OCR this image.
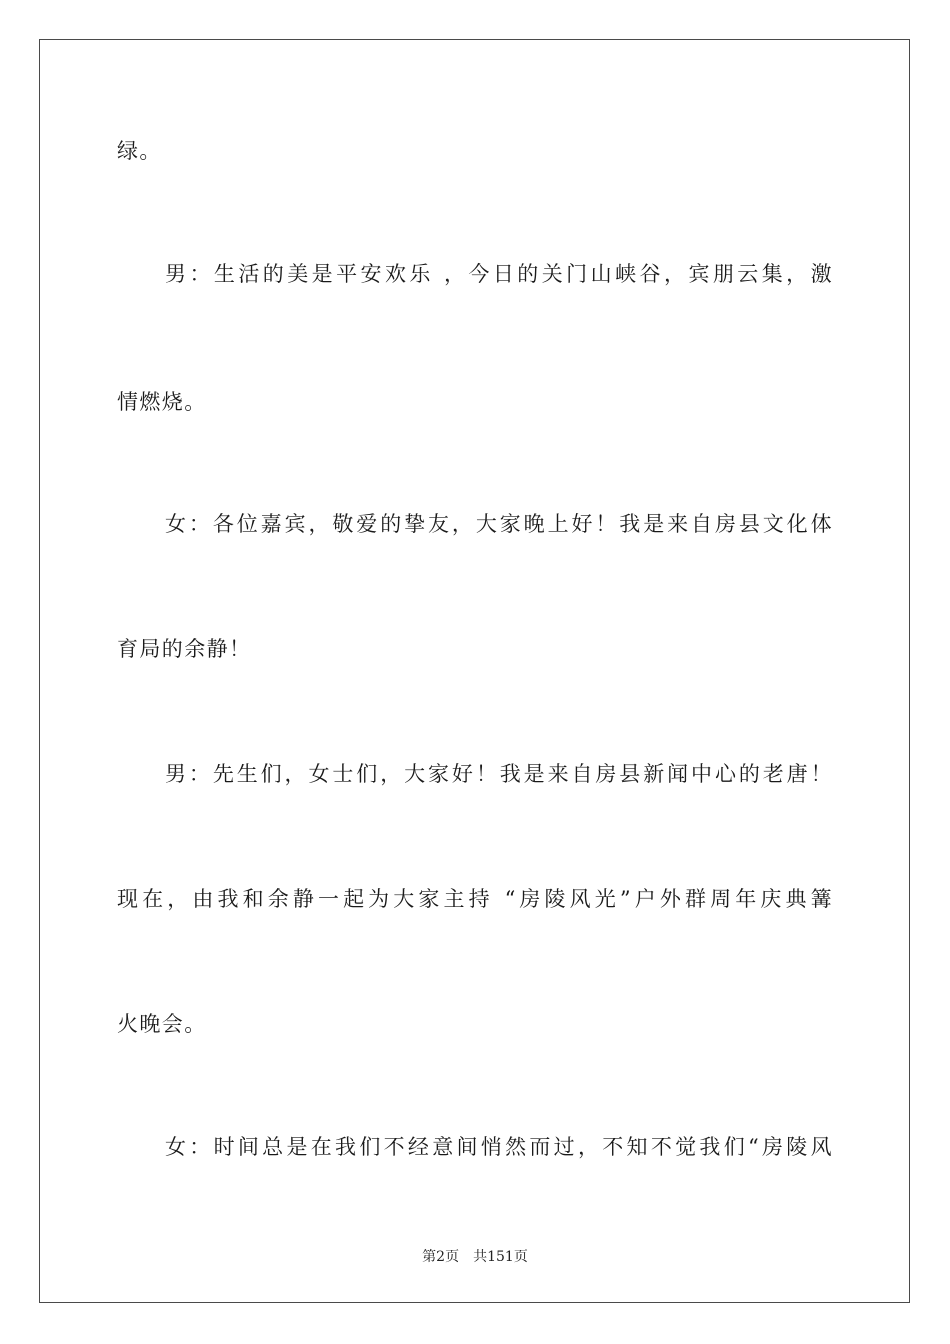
绿。

男：生活的美是平安欢乐 ，今日的关门山峡谷，宾朋云集，激

情燃烧。

女：各位嘉宾，敬爱的挚友，大家晚上好！我是来自房县文化体

育局的余静！

男：先生们，女士们，大家好！我是来自房县新闻中心的老唐！

现在，由我和余静一起为大家主持 “房陵风光”户外群周年庆典篝

火晚会。

女：时间总是在我们不经意间悄然而过，不知不觉我们“房陵风

第2页 共151页
